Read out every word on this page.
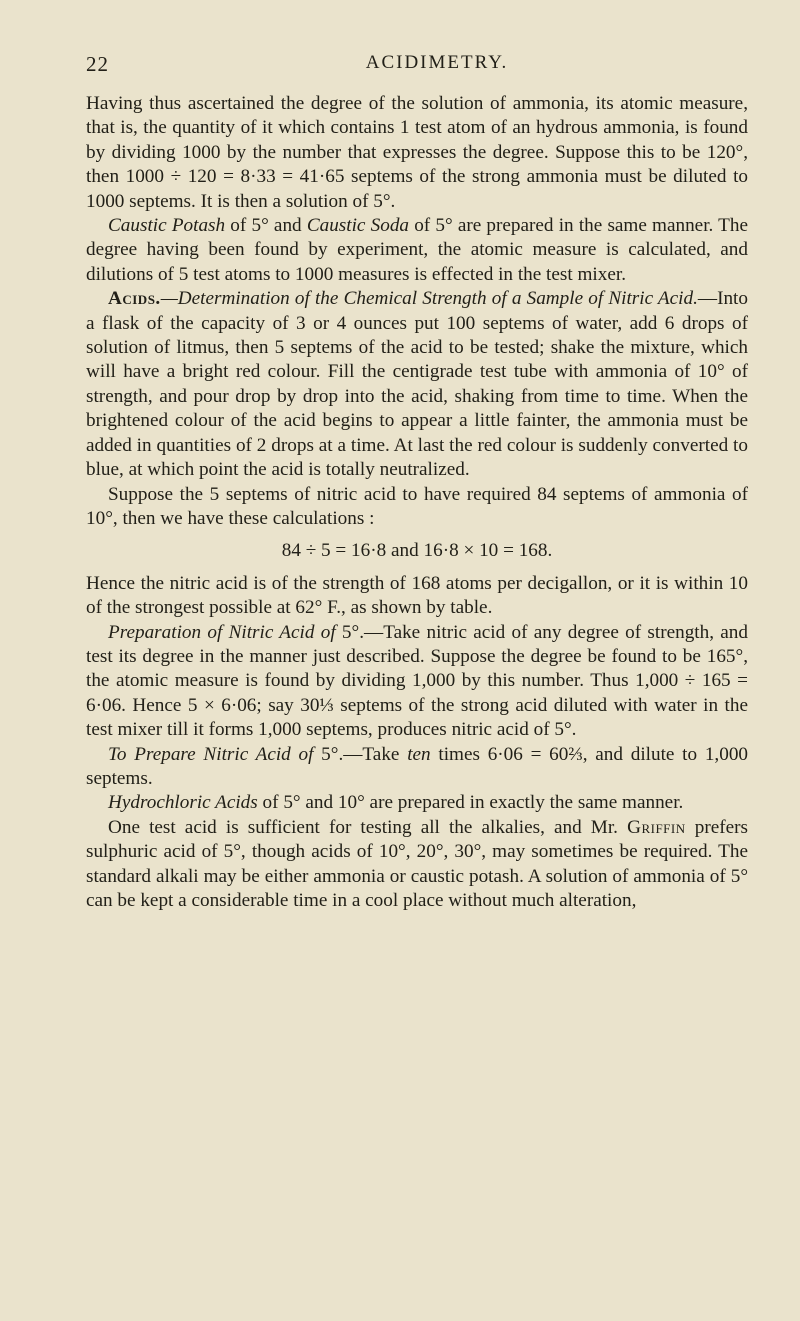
22	ACIDIMETRY.

Having thus ascertained the degree of the solution of ammonia, its atomic measure, that is, the quantity of it which contains 1 test atom of an hydrous ammonia, is found by dividing 1000 by the number that expresses the degree. Suppose this to be 120°, then 1000 ÷ 120 = 8·33 = 41·65 septems of the strong ammonia must be diluted to 1000 septems. It is then a solution of 5°.

Caustic Potash of 5° and Caustic Soda of 5° are prepared in the same manner. The degree having been found by experiment, the atomic measure is calculated, and dilutions of 5 test atoms to 1000 measures is effected in the test mixer.

Acids.—Determination of the Chemical Strength of a Sample of Nitric Acid.—Into a flask of the capacity of 3 or 4 ounces put 100 septems of water, add 6 drops of solution of litmus, then 5 septems of the acid to be tested; shake the mixture, which will have a bright red colour. Fill the centigrade test tube with ammonia of 10° of strength, and pour drop by drop into the acid, shaking from time to time. When the brightened colour of the acid begins to appear a little fainter, the ammonia must be added in quantities of 2 drops at a time. At last the red colour is suddenly converted to blue, at which point the acid is totally neutralized.

Suppose the 5 septems of nitric acid to have required 84 septems of ammonia of 10°, then we have these calculations :

84 ÷ 5 = 16·8 and 16·8 × 10 = 168.

Hence the nitric acid is of the strength of 168 atoms per decigallon, or it is within 10 of the strongest possible at 62° F., as shown by table.

Preparation of Nitric Acid of 5°.—Take nitric acid of any degree of strength, and test its degree in the manner just described. Suppose the degree be found to be 165°, the atomic measure is found by dividing 1,000 by this number. Thus 1,000 ÷ 165 = 6·06. Hence 5 × 6·06; say 30⅓ septems of the strong acid diluted with water in the test mixer till it forms 1,000 septems, produces nitric acid of 5°.

To Prepare Nitric Acid of 5°.—Take ten times 6·06 = 60⅔, and dilute to 1,000 septems.

Hydrochloric Acids of 5° and 10° are prepared in exactly the same manner.

One test acid is sufficient for testing all the alkalies, and Mr. Griffin prefers sulphuric acid of 5°, though acids of 10°, 20°, 30°, may sometimes be required. The standard alkali may be either ammonia or caustic potash. A solution of ammonia of 5° can be kept a considerable time in a cool place without much alteration,
